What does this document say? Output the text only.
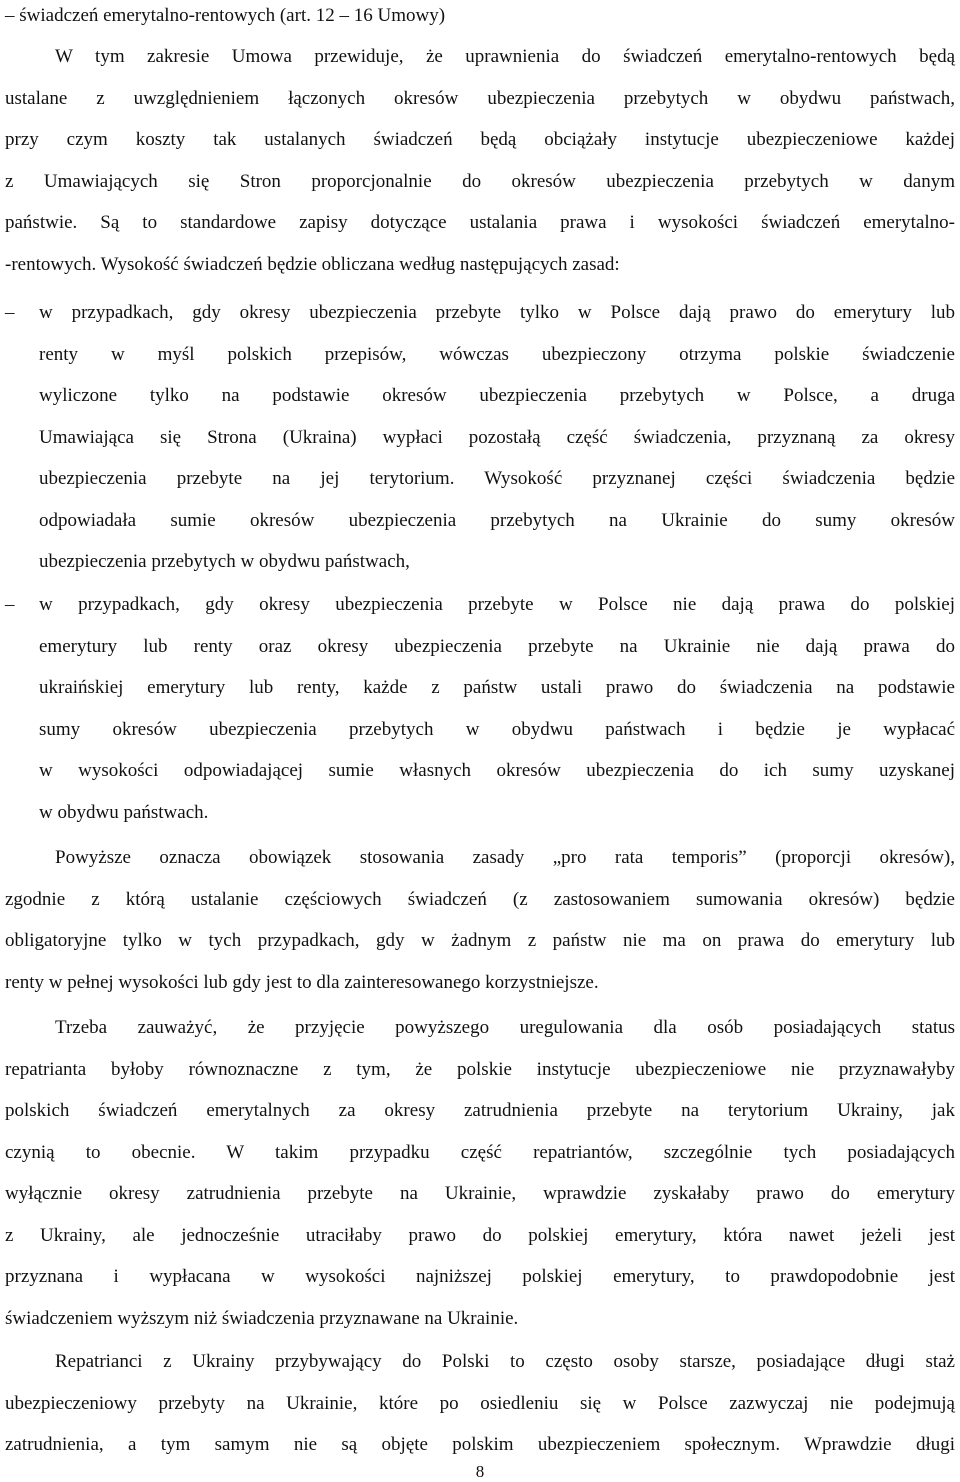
– świadczeń emerytalno-rentowych (art. 12 ‒ 16 Umowy)
W tym zakresie Umowa przewiduje, że uprawnienia do świadczeń emerytalno-rentowych będą
ustalane z uwzględnieniem łączonych okresów ubezpieczenia przebytych w obydwu państwach,
przy czym koszty tak ustalanych świadczeń będą obciążały instytucje ubezpieczeniowe każdej
z Umawiających się Stron proporcjonalnie do okresów ubezpieczenia przebytych w danym
państwie. Są to standardowe zapisy dotyczące ustalania prawa i wysokości świadczeń emerytalno-
-rentowych. Wysokość świadczeń będzie obliczana według następujących zasad:
– w przypadkach, gdy okresy ubezpieczenia przebyte tylko w Polsce dają prawo do emerytury lub
renty w myśl polskich przepisów, wówczas ubezpieczony otrzyma polskie świadczenie
wyliczone tylko na podstawie okresów ubezpieczenia przebytych w Polsce, a druga
Umawiająca się Strona (Ukraina) wypłaci pozostałą część świadczenia, przyznaną za okresy
ubezpieczenia przebyte na jej terytorium. Wysokość przyznanej części świadczenia będzie
odpowiadała sumie okresów ubezpieczenia przebytych na Ukrainie do sumy okresów
ubezpieczenia przebytych w obydwu państwach,
– w przypadkach, gdy okresy ubezpieczenia przebyte w Polsce nie dają prawa do polskiej
emerytury lub renty oraz okresy ubezpieczenia przebyte na Ukrainie nie dają prawa do
ukraińskiej emerytury lub renty, każde z państw ustali prawo do świadczenia na podstawie
sumy okresów ubezpieczenia przebytych w obydwu państwach i będzie je wypłacać
w wysokości odpowiadającej sumie własnych okresów ubezpieczenia do ich sumy uzyskanej
w obydwu państwach.
Powyższe oznacza obowiązek stosowania zasady „pro rata temporis” (proporcji okresów),
zgodnie z którą ustalanie częściowych świadczeń (z zastosowaniem sumowania okresów) będzie
obligatoryjne tylko w tych przypadkach, gdy w żadnym z państw nie ma on prawa do emerytury lub
renty w pełnej wysokości lub gdy jest to dla zainteresowanego korzystniejsze.
Trzeba zauważyć, że przyjęcie powyższego uregulowania dla osób posiadających status
repatrianta byłoby równoznaczne z tym, że polskie instytucje ubezpieczeniowe nie przyznawałyby
polskich świadczeń emerytalnych za okresy zatrudnienia przebyte na terytorium Ukrainy, jak
czynią to obecnie. W takim przypadku część repatriantów, szczególnie tych posiadających
wyłącznie okresy zatrudnienia przebyte na Ukrainie, wprawdzie zyskałaby prawo do emerytury
z Ukrainy, ale jednocześnie utraciłaby prawo do polskiej emerytury, która nawet jeżeli jest
przyznana i wypłacana w wysokości najniższej polskiej emerytury, to prawdopodobnie jest
świadczeniem wyższym niż świadczenia przyznawane na Ukrainie.
Repatrianci z Ukrainy przybywający do Polski to często osoby starsze, posiadające długi staż
ubezpieczeniowy przebyty na Ukrainie, które po osiedleniu się w Polsce zazwyczaj nie podejmują
zatrudnienia, a tym samym nie są objęte polskim ubezpieczeniem społecznym. Wprawdzie długi
8
